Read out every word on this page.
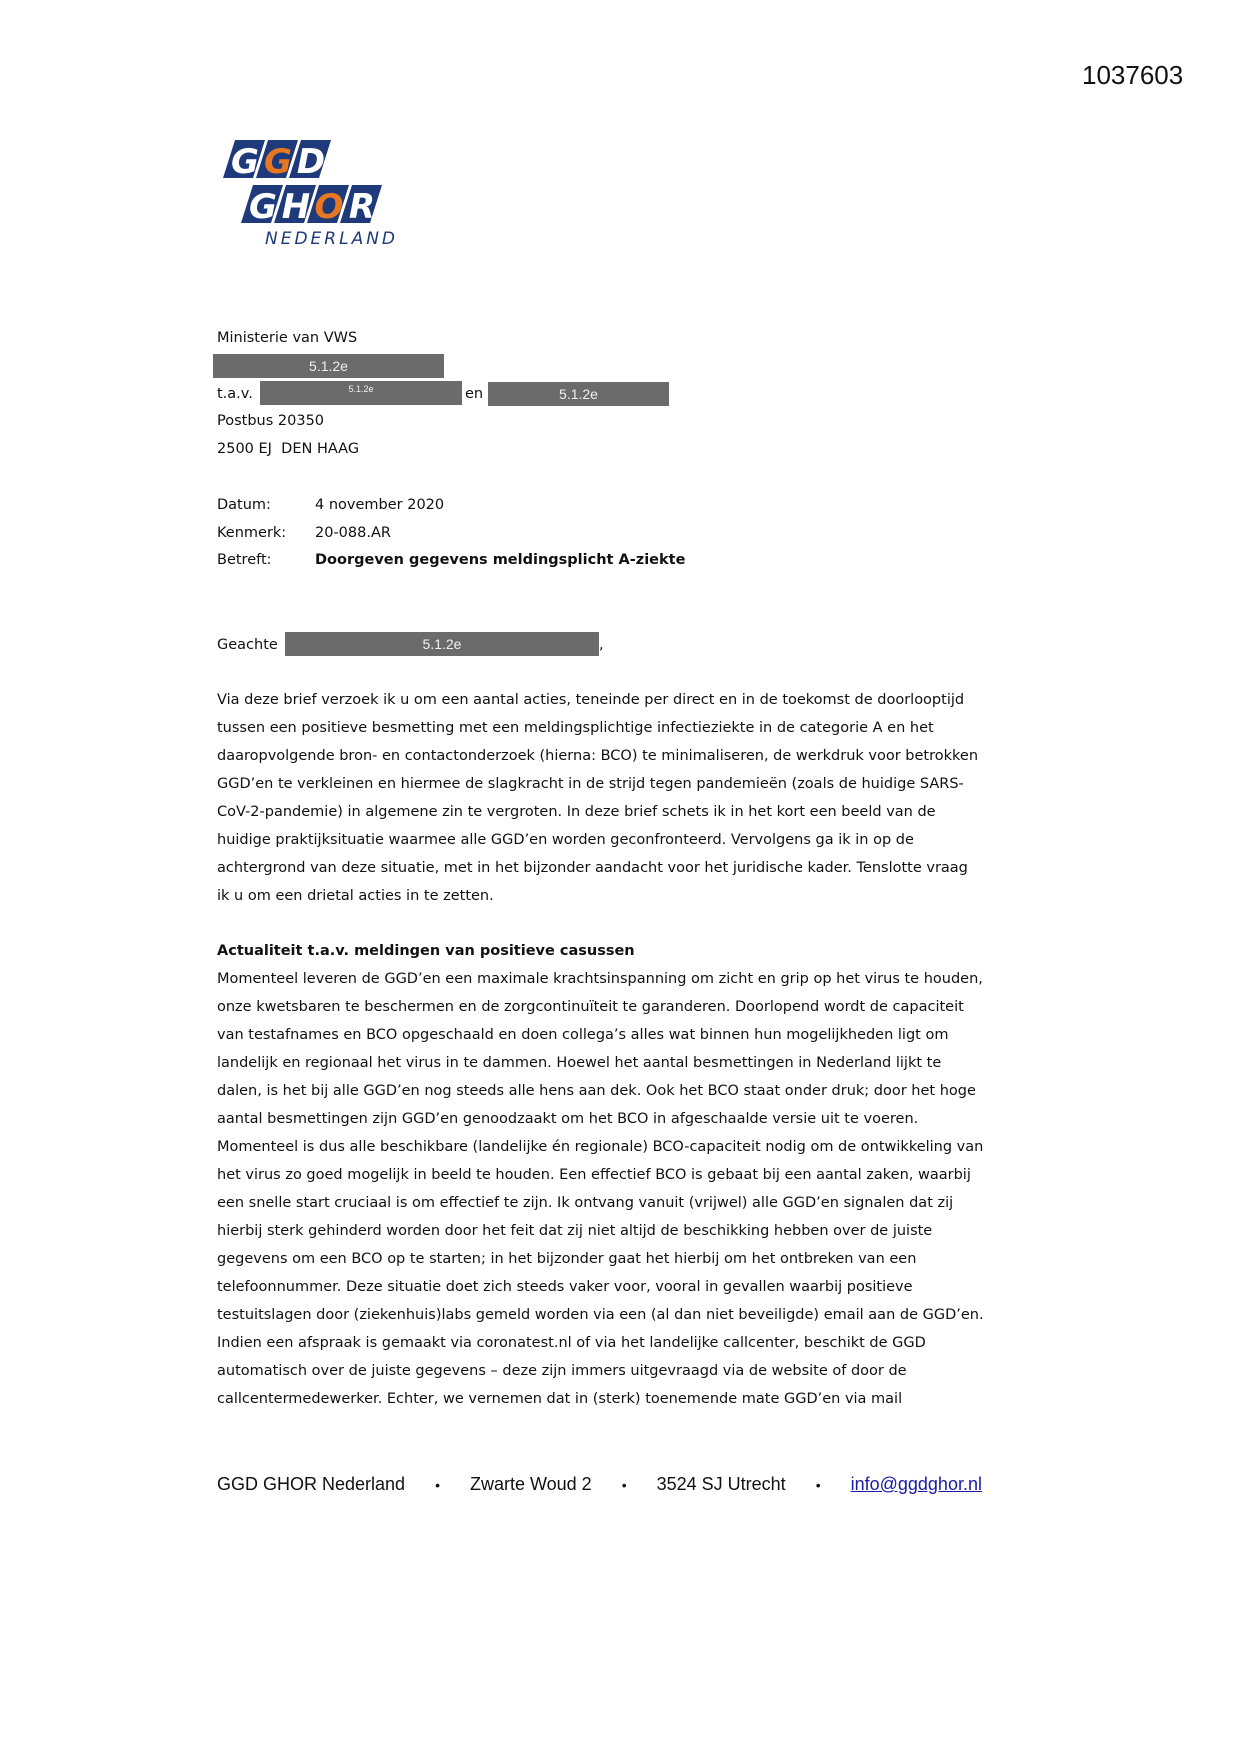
1037603
G G D
G H O R
NEDERLAND
Ministerie van VWS
5.1.2e
t.a.v.	5.1.2e	en	5.1.2e
Postbus 20350
2500 EJ  DEN HAAG
Datum:	4 november 2020
Kenmerk: 20-088.AR
Betreft:	Doorgeven gegevens meldingsplicht A-ziekte
Geachte	5.1.2e	,
Via deze brief verzoek ik u om een aantal acties, teneinde per direct en in de toekomst de doorlooptijd
tussen een positieve besmetting met een meldingsplichtige infectieziekte in de categorie A en het
daaropvolgende bron- en contactonderzoek (hierna: BCO) te minimaliseren, de werkdruk voor betrokken
GGD’en te verkleinen en hiermee de slagkracht in de strijd tegen pandemieën (zoals de huidige SARS-
CoV-2-pandemie) in algemene zin te vergroten. In deze brief schets ik in het kort een beeld van de
huidige praktijksituatie waarmee alle GGD’en worden geconfronteerd. Vervolgens ga ik in op de
achtergrond van deze situatie, met in het bijzonder aandacht voor het juridische kader. Tenslotte vraag
ik u om een drietal acties in te zetten.
Actualiteit t.a.v. meldingen van positieve casussen
Momenteel leveren de GGD’en een maximale krachtsinspanning om zicht en grip op het virus te houden,
onze kwetsbaren te beschermen en de zorgcontinuïteit te garanderen. Doorlopend wordt de capaciteit
van testafnames en BCO opgeschaald en doen collega’s alles wat binnen hun mogelijkheden ligt om
landelijk en regionaal het virus in te dammen. Hoewel het aantal besmettingen in Nederland lijkt te
dalen, is het bij alle GGD’en nog steeds alle hens aan dek. Ook het BCO staat onder druk; door het hoge
aantal besmettingen zijn GGD’en genoodzaakt om het BCO in afgeschaalde versie uit te voeren.
Momenteel is dus alle beschikbare (landelijke én regionale) BCO-capaciteit nodig om de ontwikkeling van
het virus zo goed mogelijk in beeld te houden. Een effectief BCO is gebaat bij een aantal zaken, waarbij
een snelle start cruciaal is om effectief te zijn. Ik ontvang vanuit (vrijwel) alle GGD’en signalen dat zij
hierbij sterk gehinderd worden door het feit dat zij niet altijd de beschikking hebben over de juiste
gegevens om een BCO op te starten; in het bijzonder gaat het hierbij om het ontbreken van een
telefoonnummer. Deze situatie doet zich steeds vaker voor, vooral in gevallen waarbij positieve
testuitslagen door (ziekenhuis)labs gemeld worden via een (al dan niet beveiligde) email aan de GGD’en.
Indien een afspraak is gemaakt via coronatest.nl of via het landelijke callcenter, beschikt de GGD
automatisch over de juiste gegevens – deze zijn immers uitgevraagd via de website of door de
callcentermedewerker. Echter, we vernemen dat in (sterk) toenemende mate GGD’en via mail
GGD GHOR Nederland • Zwarte Woud 2 • 3524 SJ Utrecht • info@ggdghor.nl
